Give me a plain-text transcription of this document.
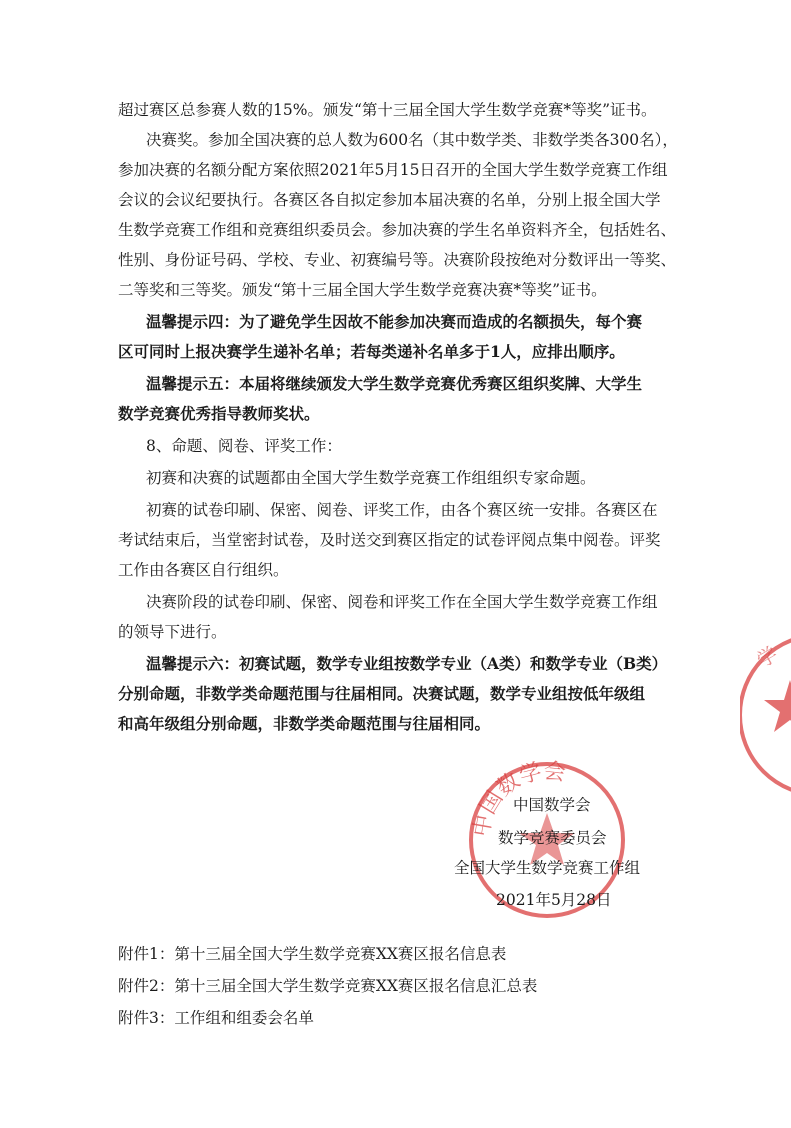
超过赛区总参赛人数的15%。颁发“第十三届全国大学生数学竞赛*等奖”证书。
决赛奖。参加全国决赛的总人数为600名（其中数学类、非数学类各300名），
参加决赛的名额分配方案依照2021年5月15日召开的全国大学生数学竞赛工作组
会议的会议纪要执行。各赛区各自拟定参加本届决赛的名单，分别上报全国大学
生数学竞赛工作组和竞赛组织委员会。参加决赛的学生名单资料齐全，包括姓名、
性别、身份证号码、学校、专业、初赛编号等。决赛阶段按绝对分数评出一等奖、
二等奖和三等奖。颁发“第十三届全国大学生数学竞赛决赛*等奖”证书。
温馨提示四：为了避免学生因故不能参加决赛而造成的名额损失，每个赛
区可同时上报决赛学生递补名单；若每类递补名单多于1人，应排出顺序。
温馨提示五：本届将继续颁发大学生数学竞赛优秀赛区组织奖牌、大学生
数学竞赛优秀指导教师奖状。
8、命题、阅卷、评奖工作：
初赛和决赛的试题都由全国大学生数学竞赛工作组组织专家命题。
初赛的试卷印刷、保密、阅卷、评奖工作，由各个赛区统一安排。各赛区在
考试结束后，当堂密封试卷，及时送交到赛区指定的试卷评阅点集中阅卷。评奖
工作由各赛区自行组织。
决赛阶段的试卷印刷、保密、阅卷和评奖工作在全国大学生数学竞赛工作组
的领导下进行。
温馨提示六：初赛试题，数学专业组按数学专业（A类）和数学专业（B类）
分别命题，非数学类命题范围与往届相同。决赛试题，数学专业组按低年级组
和高年级组分别命题，非数学类命题范围与往届相同。
中国数学会
学
中国数学会
数学竞赛委员会
全国大学生数学竞赛工作组
2021年5月28日
附件1：第十三届全国大学生数学竞赛XX赛区报名信息表
附件2：第十三届全国大学生数学竞赛XX赛区报名信息汇总表
附件3：工作组和组委会名单
